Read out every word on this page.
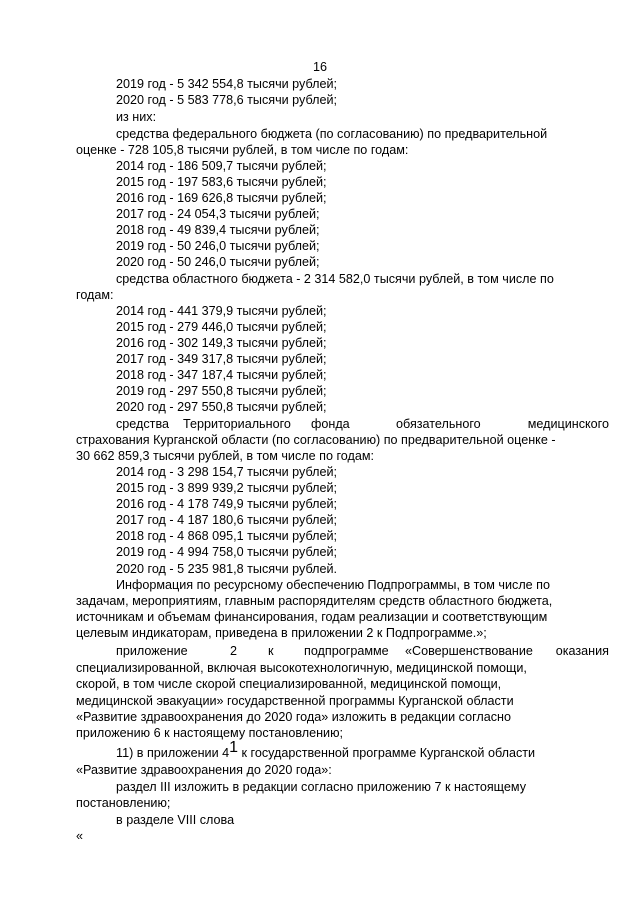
16
2019 год - 5 342 554,8 тысячи рублей;
2020 год - 5 583 778,6 тысячи рублей;
из них:
средства федерального бюджета (по согласованию) по предварительной
оценке - 728 105,8 тысячи рублей, в том числе по годам:
2014 год - 186 509,7 тысячи рублей;
2015 год - 197 583,6 тысячи рублей;
2016 год - 169 626,8 тысячи рублей;
2017 год - 24 054,3 тысячи рублей;
2018 год - 49 839,4 тысячи рублей;
2019 год - 50 246,0 тысячи рублей;
2020 год - 50 246,0 тысячи рублей;
средства областного бюджета - 2 314 582,0 тысячи рублей, в том числе по
годам:
2014 год - 441 379,9 тысячи рублей;
2015 год - 279 446,0 тысячи рублей;
2016 год - 302 149,3 тысячи рублей;
2017 год - 349 317,8 тысячи рублей;
2018 год - 347 187,4 тысячи рублей;
2019 год - 297 550,8 тысячи рублей;
2020 год - 297 550,8 тысячи рублей;
средства Территориального фонда	обязательного	медицинского
страхования Курганской области (по согласованию) по предварительной оценке -
30 662 859,3 тысячи рублей, в том числе по годам:
2014 год - 3 298 154,7 тысячи рублей;
2015 год - 3 899 939,2 тысячи рублей;
2016 год - 4 178 749,9 тысячи рублей;
2017 год - 4 187 180,6 тысячи рублей;
2018 год - 4 868 095,1 тысячи рублей;
2019 год - 4 994 758,0 тысячи рублей;
2020 год - 5 235 981,8 тысячи рублей.
Информация по ресурсному обеспечению Подпрограммы, в том числе по
задачам, мероприятиям, главным распорядителям средств областного бюджета,
источникам и объемам финансирования, годам реализации и соответствующим
целевым индикаторам, приведена в приложении 2 к Подпрограмме.»;
приложение	2 к подпрограмме «Совершенствование оказания
специализированной, включая высокотехнологичную, медицинской помощи,
скорой, в том числе скорой специализированной, медицинской помощи,
медицинской эвакуации» государственной программы Курганской области
«Развитие здравоохранения до 2020 года» изложить в редакции согласно
приложению 6 к настоящему постановлению;
11) в приложении 41 к государственной программе Курганской области
«Развитие здравоохранения до 2020 года»:
раздел III изложить в редакции согласно приложению 7 к настоящему
постановлению;
в разделе VIII слова
«
